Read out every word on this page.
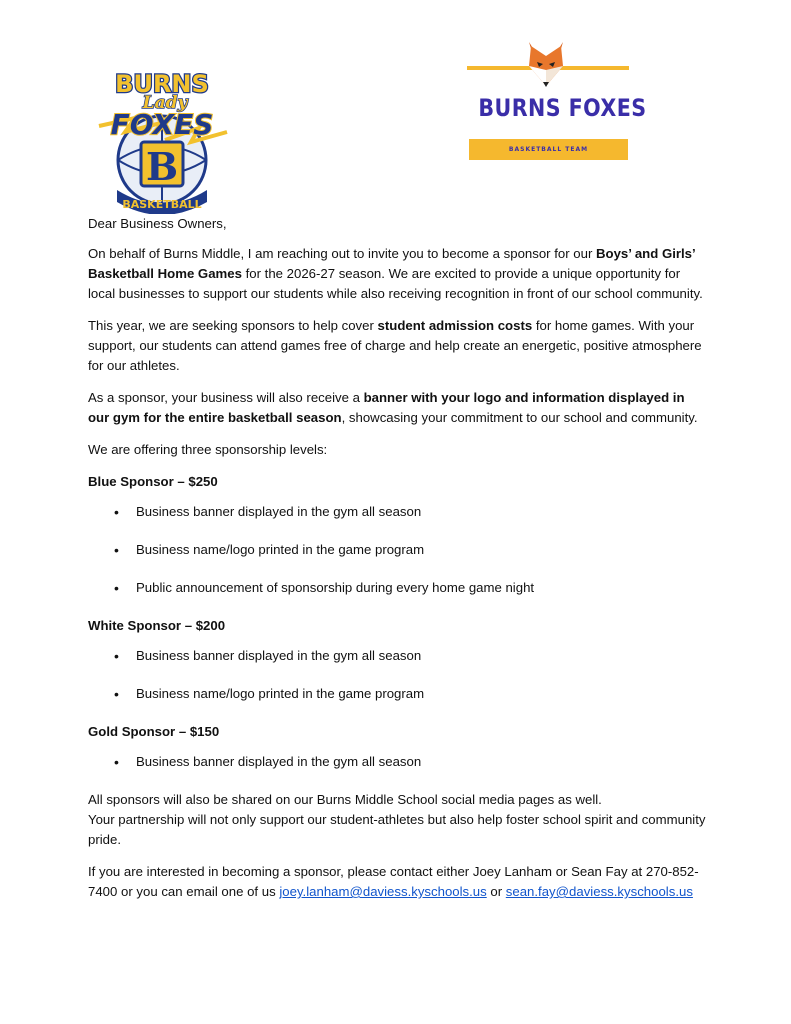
BURNS
Lady
FOXES
B
BASKETBALL
BURNS FOXES
BASKETBALL TEAM

Dear Business Owners,

On behalf of Burns Middle, I am reaching out to invite you to become a sponsor for our Boys’ and Girls’ Basketball Home Games for the 2026-27 season. We are excited to provide a unique opportunity for local businesses to support our students while also receiving recognition in front of our school community.

This year, we are seeking sponsors to help cover student admission costs for home games. With your support, our students can attend games free of charge and help create an energetic, positive atmosphere for our athletes.

As a sponsor, your business will also receive a banner with your logo and information displayed in our gym for the entire basketball season, showcasing your commitment to our school and community.

We are offering three sponsorship levels:

Blue Sponsor – $250

• Business banner displayed in the gym all season
• Business name/logo printed in the game program
• Public announcement of sponsorship during every home game night

White Sponsor – $200

• Business banner displayed in the gym all season
• Business name/logo printed in the game program

Gold Sponsor – $150

• Business banner displayed in the gym all season

All sponsors will also be shared on our Burns Middle School social media pages as well.

Your partnership will not only support our student-athletes but also help foster school spirit and community pride.

If you are interested in becoming a sponsor, please contact either Joey Lanham or Sean Fay at 270-852-7400 or you can email one of us joey.lanham@daviess.kyschools.us or sean.fay@daviess.kyschools.us
